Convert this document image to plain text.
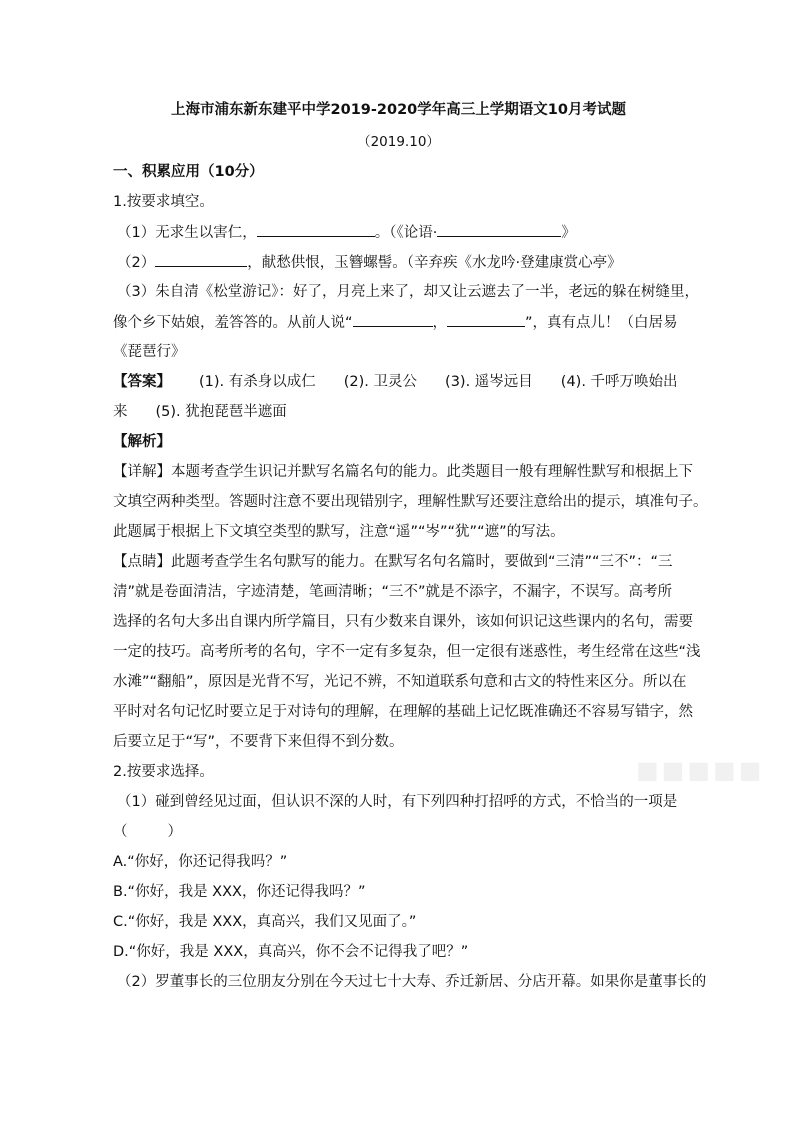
上海市浦东新东建平中学2019-2020学年高三上学期语文10月考试题
（2019.10）
一、积累应用（10分）
1.按要求填空。
（1）无求生以害仁，	。（《论语·	》
（2）	，献愁供恨，玉簪螺髻。（辛弃疾《水龙吟·登建康赏心亭》
（3）朱自清《松堂游记》：好了，月亮上来了，却又让云遮去了一半，老远的躲在树缝里，
像个乡下姑娘，羞答答的。从前人说“	，	”，真有点儿！（白居易
《琵琶行》
【答案】 (1). 有杀身以成仁 (2). 卫灵公 (3). 遥岑远目 (4). 千呼万唤始出
来 (5). 犹抱琵琶半遮面
【解析】
【详解】本题考查学生识记并默写名篇名句的能力。此类题目一般有理解性默写和根据上下
文填空两种类型。答题时注意不要出现错别字，理解性默写还要注意给出的提示，填准句子。
此题属于根据上下文填空类型的默写，注意“遥”“岑”“犹”“遮”的写法。
【点睛】此题考查学生名句默写的能力。在默写名句名篇时，要做到“三清”“三不”：“三
清”就是卷面清洁，字迹清楚，笔画清晰；“三不”就是不添字，不漏字，不误写。高考所
选择的名句大多出自课内所学篇目，只有少数来自课外，该如何识记这些课内的名句，需要
一定的技巧。高考所考的名句，字不一定有多复杂，但一定很有迷惑性，考生经常在这些“浅
水滩”“翻船”，原因是光背不写，光记不辨，不知道联系句意和古文的特性来区分。所以在
平时对名句记忆时要立足于对诗句的理解，在理解的基础上记忆既准确还不容易写错字，然
后要立足于“写”，不要背下来但得不到分数。
2.按要求选择。
（1）碰到曾经见过面，但认识不深的人时，有下列四种打招呼的方式，不恰当的一项是
（	）
A.“你好，你还记得我吗？”
B.“你好，我是 XXX，你还记得我吗？”
C.“你好，我是 XXX，真高兴，我们又见面了。”
D.“你好，我是 XXX，真高兴，你不会不记得我了吧？”
（2）罗董事长的三位朋友分别在今天过七十大寿、乔迁新居、分店开幕。如果你是董事长的
■■■■■
